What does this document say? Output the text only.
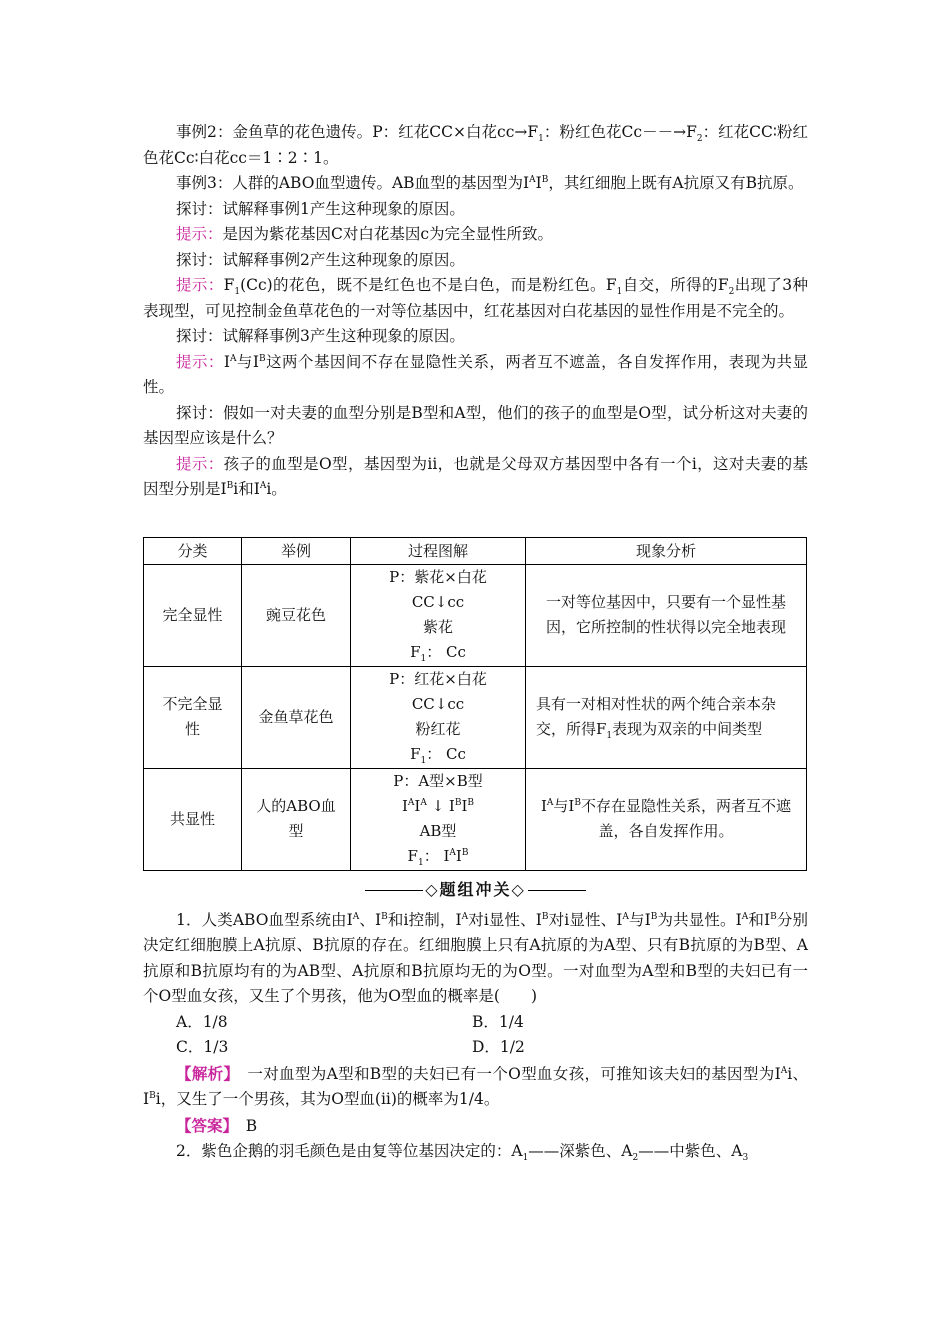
事例2：金鱼草的花色遗传。P：红花CC×白花$cc\to F_1$：粉红色花$Cc--\to F_2$：红花CC∶粉红色花Cc∶白花cc＝1∶2∶1。

事例3：人群的ABO血型遗传。AB血型的基因型为$I^AI^B$，其红细胞上既有A抗原又有B抗原。

探讨：试解释事例1产生这种现象的原因。

提示：是因为紫花基因C对白花基因c为完全显性所致。

探讨：试解释事例2产生这种现象的原因。

提示：$F_1(Cc)$的花色，既不是红色也不是白色，而是粉红色。$F_1$自交，所得的$F_2$出现了3种表现型，可见控制金鱼草花色的一对等位基因中，红花基因对白花基因的显性作用是不完全的。

探讨：试解释事例3产生这种现象的原因。

提示：$I^A$与$I^B$这两个基因间不存在显隐性关系，两者互不遮盖，各自发挥作用，表现为共显性。

探讨：假如一对夫妻的血型分别是B型和A型，他们的孩子的血型是O型，试分析这对夫妻的基因型应该是什么？

提示：孩子的血型是O型，基因型为ii，也就是父母双方基因型中各有一个i，这对夫妻的基因型分别是$I^Bi$和$I^Ai$。

分类	举例	过程图解	现象分析
完全显性	豌豆花色	P：紫花×白花
CC↓cc
紫花
$F_1$： Cc	一对等位基因中，只要有一个显性基因，它所控制的性状得以完全地表现
不完全显性	金鱼草花色	P：红花×白花
CC↓cc
粉红花
$F_1$： Cc	具有一对相对性状的两个纯合亲本杂交，所得$F_1$表现为双亲的中间类型
共显性	人的ABO血型	P：A型×B型
$I^AI^A$ ↓ $I^BI^B$
AB型
$F_1$： $I^AI^B$	$I^A$与$I^B$不存在显隐性关系，两者互不遮盖，各自发挥作用。
◇题组冲关◇

1．人类ABO血型系统由$I^A$、$I^B$和i控制，$I^A$对i显性、$I^B$对i显性、$I^A$与$I^B$为共显性。$I^A$和$I^B$分别决定红细胞膜上A抗原、B抗原的存在。红细胞膜上只有A抗原的为A型、只有B抗原的为B型、A抗原和B抗原均有的为AB型、A抗原和B抗原均无的为O型。一对血型为A型和B型的夫妇已有一个O型血女孩，又生了个男孩，他为O型血的概率是(　　)

A．1/8	B．1/4
C．1/3	D．1/2

【解析】　一对血型为A型和B型的夫妇已有一个O型血女孩，可推知该夫妇的基因型为$I^Ai$、$I^Bi$，又生了一个男孩，其为O型血(ii)的概率为1/4。

【答案】　B

2．紫色企鹅的羽毛颜色是由复等位基因决定的：$A_1——$深紫色、$A_2——$中紫色、$A_3$
